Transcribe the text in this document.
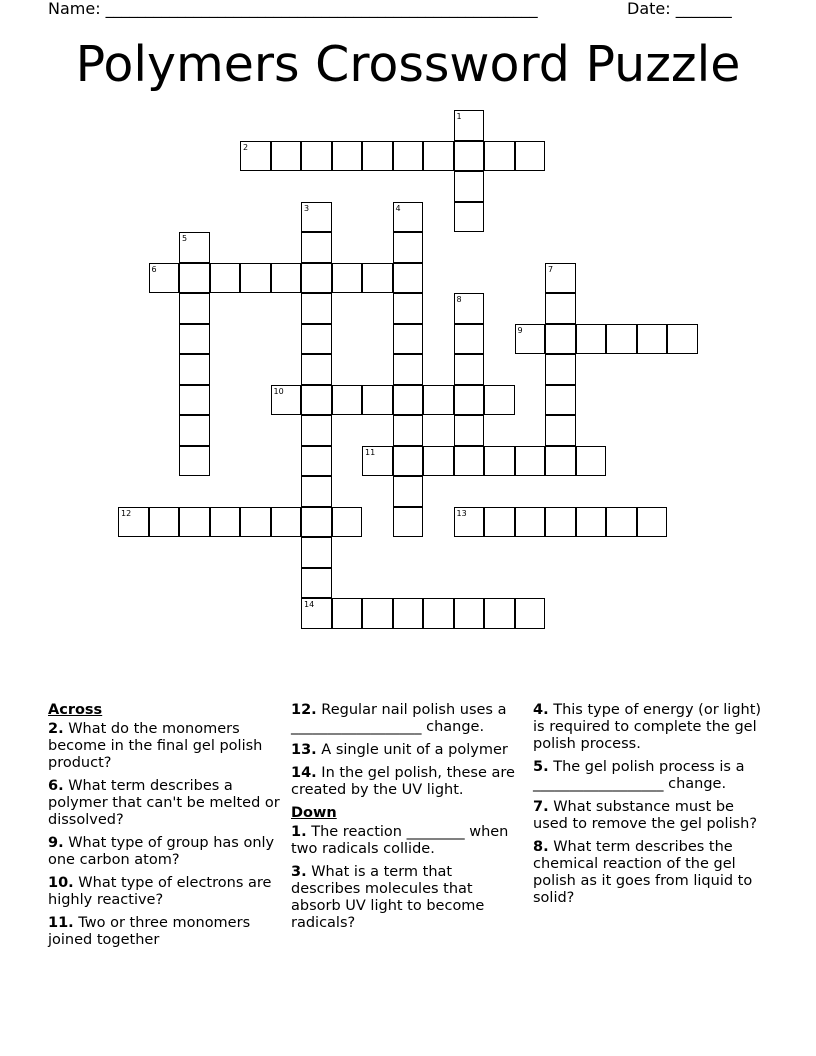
Name: ______________________________________________________	Date: _______
Polymers Crossword Puzzle
1
2
3
14
4
5
6	7
8
9
10
11
12	13
Across
2. What do the monomers become in the final gel polish product?
6. What term describes a polymer that can't be melted or dissolved?
9. What type of group has only one carbon atom?
10. What type of electrons are highly reactive?
11. Two or three monomers joined together
12. Regular nail polish uses a __________________ change.
13. A single unit of a polymer
14. In the gel polish, these are created by the UV light.
Down
1. The reaction ________ when two radicals collide.
3. What is a term that describes molecules that absorb UV light to become radicals?
4. This type of energy (or light) is required to complete the gel polish process.
5. The gel polish process is a __________________ change.
7. What substance must be used to remove the gel polish?
8. What term describes the chemical reaction of the gel polish as it goes from liquid to solid?
